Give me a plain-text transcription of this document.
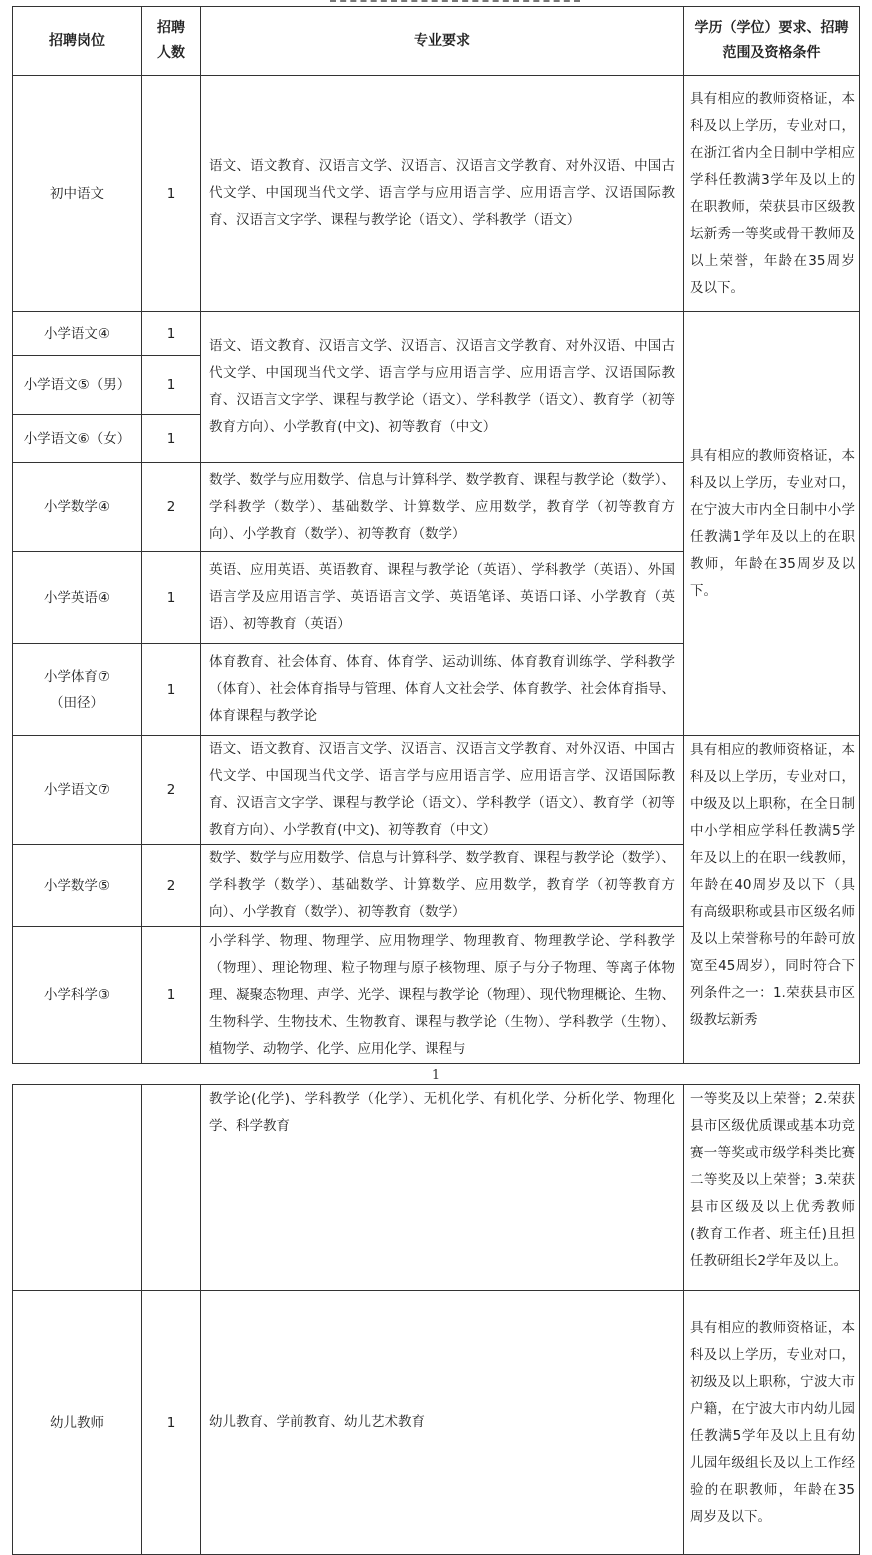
招聘岗位	招聘人数	专业要求	学历（学位）要求、招聘范围及资格条件
初中语文	1	语文、语文教育、汉语言文学、汉语言、汉语言文学教育、对外汉语、中国古代文学、中国现当代文学、语言学与应用语言学、应用语言学、汉语国际教育、汉语言文字学、课程与教学论（语文）、学科教学（语文）	具有相应的教师资格证，本科及以上学历，专业对口，在浙江省内全日制中学相应学科任教满3学年及以上的在职教师，荣获县市区级教坛新秀一等奖或骨干教师及以上荣誉，年龄在35周岁及以下。
小学语文④	1	语文、语文教育、汉语言文学、汉语言、汉语言文学教育、对外汉语、中国古代文学、中国现当代文学、语言学与应用语言学、应用语言学、汉语国际教育、汉语言文字学、课程与教学论（语文）、学科教学（语文）、教育学（初等教育方向）、小学教育(中文)、初等教育（中文）	具有相应的教师资格证，本科及以上学历，专业对口，在宁波大市内全日制中小学任教满1学年及以上的在职教师，年龄在35周岁及以下。
小学语文⑤（男）	1		
小学语文⑥（女）	1		
小学数学④	2	数学、数学与应用数学、信息与计算科学、数学教育、课程与教学论（数学）、学科教学（数学）、基础数学、计算数学、应用数学，教育学（初等教育方向）、小学教育（数学）、初等教育（数学）	
小学英语④	1	英语、应用英语、英语教育、课程与教学论（英语）、学科教学（英语）、外国语言学及应用语言学、英语语言文学、英语笔译、英语口译、小学教育（英语）、初等教育（英语）	
小学体育⑦（田径）	1	体育教育、社会体育、体育、体育学、运动训练、体育教育训练学、学科教学（体育）、社会体育指导与管理、体育人文社会学、体育教学、社会体育指导、体育课程与教学论	
小学语文⑦	2	语文、语文教育、汉语言文学、汉语言、汉语言文学教育、对外汉语、中国古代文学、中国现当代文学、语言学与应用语言学、应用语言学、汉语国际教育、汉语言文字学、课程与教学论（语文）、学科教学（语文）、教育学（初等教育方向）、小学教育(中文)、初等教育（中文）	具有相应的教师资格证，本科及以上学历，专业对口，中级及以上职称，在全日制中小学相应学科任教满5学年及以上的在职一线教师，年龄在40周岁及以下（具有高级职称或县市区级名师及以上荣誉称号的年龄可放宽至45周岁），同时符合下列条件之一：1.荣获县市区级教坛新秀
小学数学⑤	2	数学、数学与应用数学、信息与计算科学、数学教育、课程与教学论（数学）、学科教学（数学）、基础数学、计算数学、应用数学，教育学（初等教育方向）、小学教育（数学）、初等教育（数学）	
小学科学③	1	小学科学、物理、物理学、应用物理学、物理教育、物理教学论、学科教学（物理）、理论物理、粒子物理与原子核物理、原子与分子物理、等离子体物理、凝聚态物理、声学、光学、课程与教学论（物理）、现代物理概论、生物、生物科学、生物技术、生物教育、课程与教学论（生物）、学科教学（生物）、植物学、动物学、化学、应用化学、课程与	
1
		教学论(化学)、学科教学（化学）、无机化学、有机化学、分析化学、物理化学、科学教育	一等奖及以上荣誉；2.荣获县市区级优质课或基本功竞赛一等奖或市级学科类比赛二等奖及以上荣誉；3.荣获县市区级及以上优秀教师(教育工作者、班主任)且担任教研组长2学年及以上。
幼儿教师	1	幼儿教育、学前教育、幼儿艺术教育	具有相应的教师资格证，本科及以上学历，专业对口，初级及以上职称，宁波大市户籍，在宁波大市内幼儿园任教满5学年及以上且有幼儿园年级组长及以上工作经验的在职教师，年龄在35周岁及以下。
